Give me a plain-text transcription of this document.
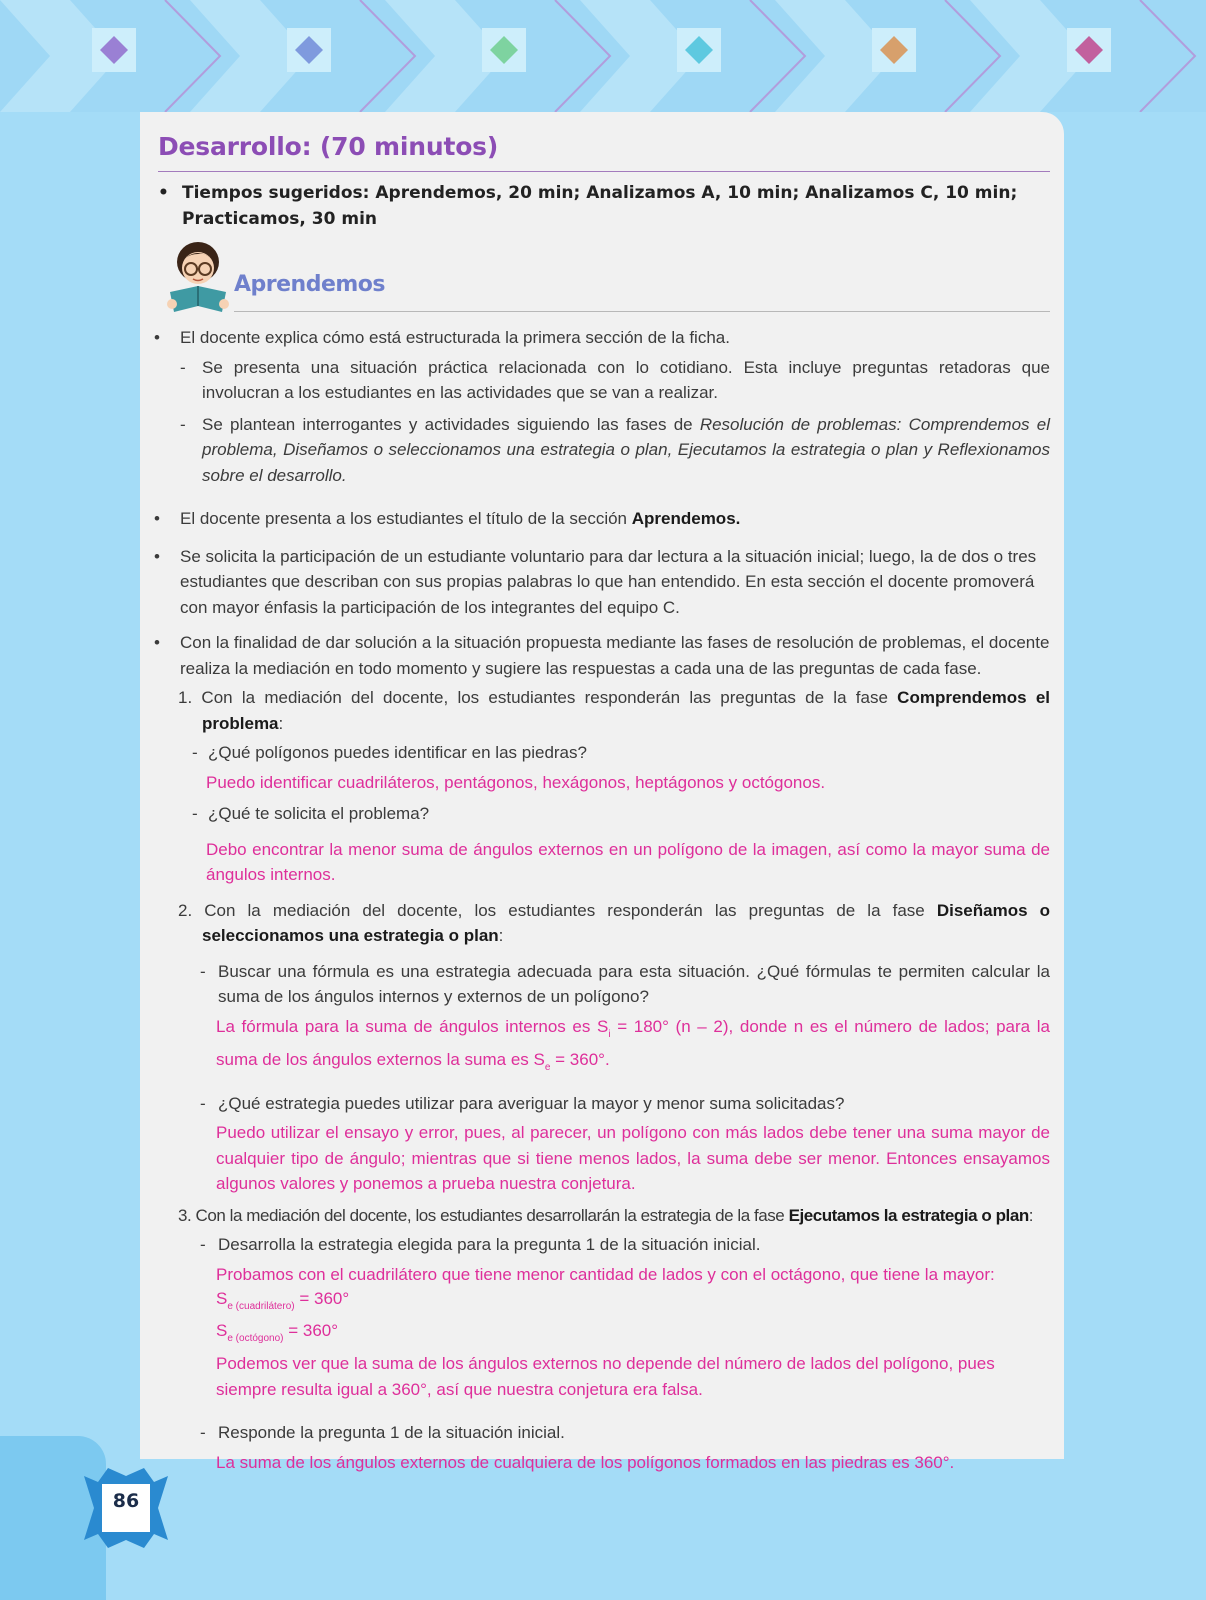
86
Desarrollo: (70 minutos)
• Tiempos sugeridos: Aprendemos, 20 min; Analizamos A, 10 min; Analizamos C, 10 min; Practicamos, 30 min
Aprendemos

• El docente explica cómo está estructurada la primera sección de la ficha.

- Se presenta una situación práctica relacionada con lo cotidiano. Esta incluye preguntas retadoras que involucran a los estudiantes en las actividades que se van a realizar.

- Se plantean interrogantes y actividades siguiendo las fases de Resolución de problemas: Comprendemos el problema, Diseñamos o seleccionamos una estrategia o plan, Ejecutamos la estrategia o plan y Reflexionamos sobre el desarrollo.

• El docente presenta a los estudiantes el título de la sección Aprendemos.

• Se solicita la participación de un estudiante voluntario para dar lectura a la situación inicial; luego, la de dos o tres estudiantes que describan con sus propias palabras lo que han entendido. En esta sección el docente promoverá con mayor énfasis la participación de los integrantes del equipo C.

• Con la finalidad de dar solución a la situación propuesta mediante las fases de resolución de problemas, el docente realiza la mediación en todo momento y sugiere las respuestas a cada una de las preguntas de cada fase.

1. Con la mediación del docente, los estudiantes responderán las preguntas de la fase Comprendemos el problema:

- ¿Qué polígonos puedes identificar en las piedras?

Puedo identificar cuadriláteros, pentágonos, hexágonos, heptágonos y octógonos.

- ¿Qué te solicita el problema?

Debo encontrar la menor suma de ángulos externos en un polígono de la imagen, así como la mayor suma de ángulos internos.

2. Con la mediación del docente, los estudiantes responderán las preguntas de la fase Diseñamos o seleccionamos una estrategia o plan:

- Buscar una fórmula es una estrategia adecuada para esta situación. ¿Qué fórmulas te permiten calcular la suma de los ángulos internos y externos de un polígono?

La fórmula para la suma de ángulos internos es $S_i = 180^\circ$ (n – 2), donde n es el número de lados; para la suma de los ángulos externos la suma es $S_e = 360^\circ$.

- ¿Qué estrategia puedes utilizar para averiguar la mayor y menor suma solicitadas?

Puedo utilizar el ensayo y error, pues, al parecer, un polígono con más lados debe tener una suma mayor de cualquier tipo de ángulo; mientras que si tiene menos lados, la suma debe ser menor. Entonces ensayamos algunos valores y ponemos a prueba nuestra conjetura.

3. Con la mediación del docente, los estudiantes desarrollarán la estrategia de la fase Ejecutamos la estrategia o plan:

- Desarrolla la estrategia elegida para la pregunta 1 de la situación inicial.

Probamos con el cuadrilátero que tiene menor cantidad de lados y con el octágono, que tiene la mayor:
$S_{e (cuadrilátero)} = 360^\circ$
$S_{e (octógono)} = 360^\circ$
Podemos ver que la suma de los ángulos externos no depende del número de lados del polígono, pues siempre resulta igual a 360°, así que nuestra conjetura era falsa.

- Responde la pregunta 1 de la situación inicial.

La suma de los ángulos externos de cualquiera de los polígonos formados en las piedras es 360°.
